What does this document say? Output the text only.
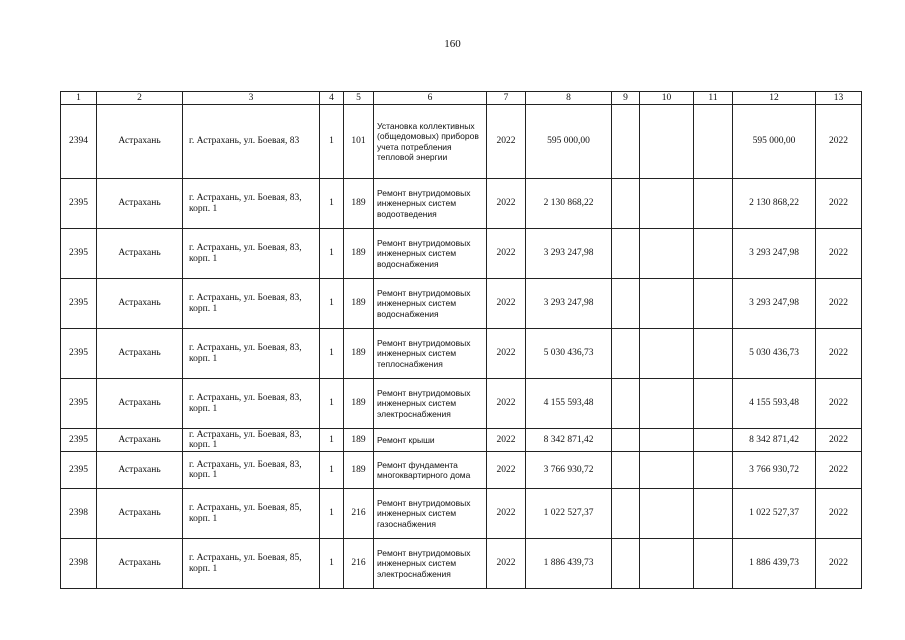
160
1	2	3	4	5	6	7	8	9	10	11	12	13
2394	Астрахань	г. Астрахань, ул. Боевая, 83	1	101	Установка коллективных (общедомовых) приборов учета потребления тепловой энергии	2022	595 000,00				595 000,00	2022
2395	Астрахань	г. Астрахань, ул. Боевая, 83, корп. 1	1	189	Ремонт внутридомовых инженерных систем водоотведения	2022	2 130 868,22				2 130 868,22	2022
2395	Астрахань	г. Астрахань, ул. Боевая, 83, корп. 1	1	189	Ремонт внутридомовых инженерных систем водоснабжения	2022	3 293 247,98				3 293 247,98	2022
2395	Астрахань	г. Астрахань, ул. Боевая, 83, корп. 1	1	189	Ремонт внутридомовых инженерных систем водоснабжения	2022	3 293 247,98				3 293 247,98	2022
2395	Астрахань	г. Астрахань, ул. Боевая, 83, корп. 1	1	189	Ремонт внутридомовых инженерных систем теплоснабжения	2022	5 030 436,73				5 030 436,73	2022
2395	Астрахань	г. Астрахань, ул. Боевая, 83, корп. 1	1	189	Ремонт внутридомовых инженерных систем электроснабжения	2022	4 155 593,48				4 155 593,48	2022
2395	Астрахань	г. Астрахань, ул. Боевая, 83, корп. 1	1	189	Ремонт крыши	2022	8 342 871,42				8 342 871,42	2022
2395	Астрахань	г. Астрахань, ул. Боевая, 83, корп. 1	1	189	Ремонт фундамента многоквартирного дома	2022	3 766 930,72				3 766 930,72	2022
2398	Астрахань	г. Астрахань, ул. Боевая, 85, корп. 1	1	216	Ремонт внутридомовых инженерных систем газоснабжения	2022	1 022 527,37				1 022 527,37	2022
2398	Астрахань	г. Астрахань, ул. Боевая, 85, корп. 1	1	216	Ремонт внутридомовых инженерных систем электроснабжения	2022	1 886 439,73				1 886 439,73	2022
